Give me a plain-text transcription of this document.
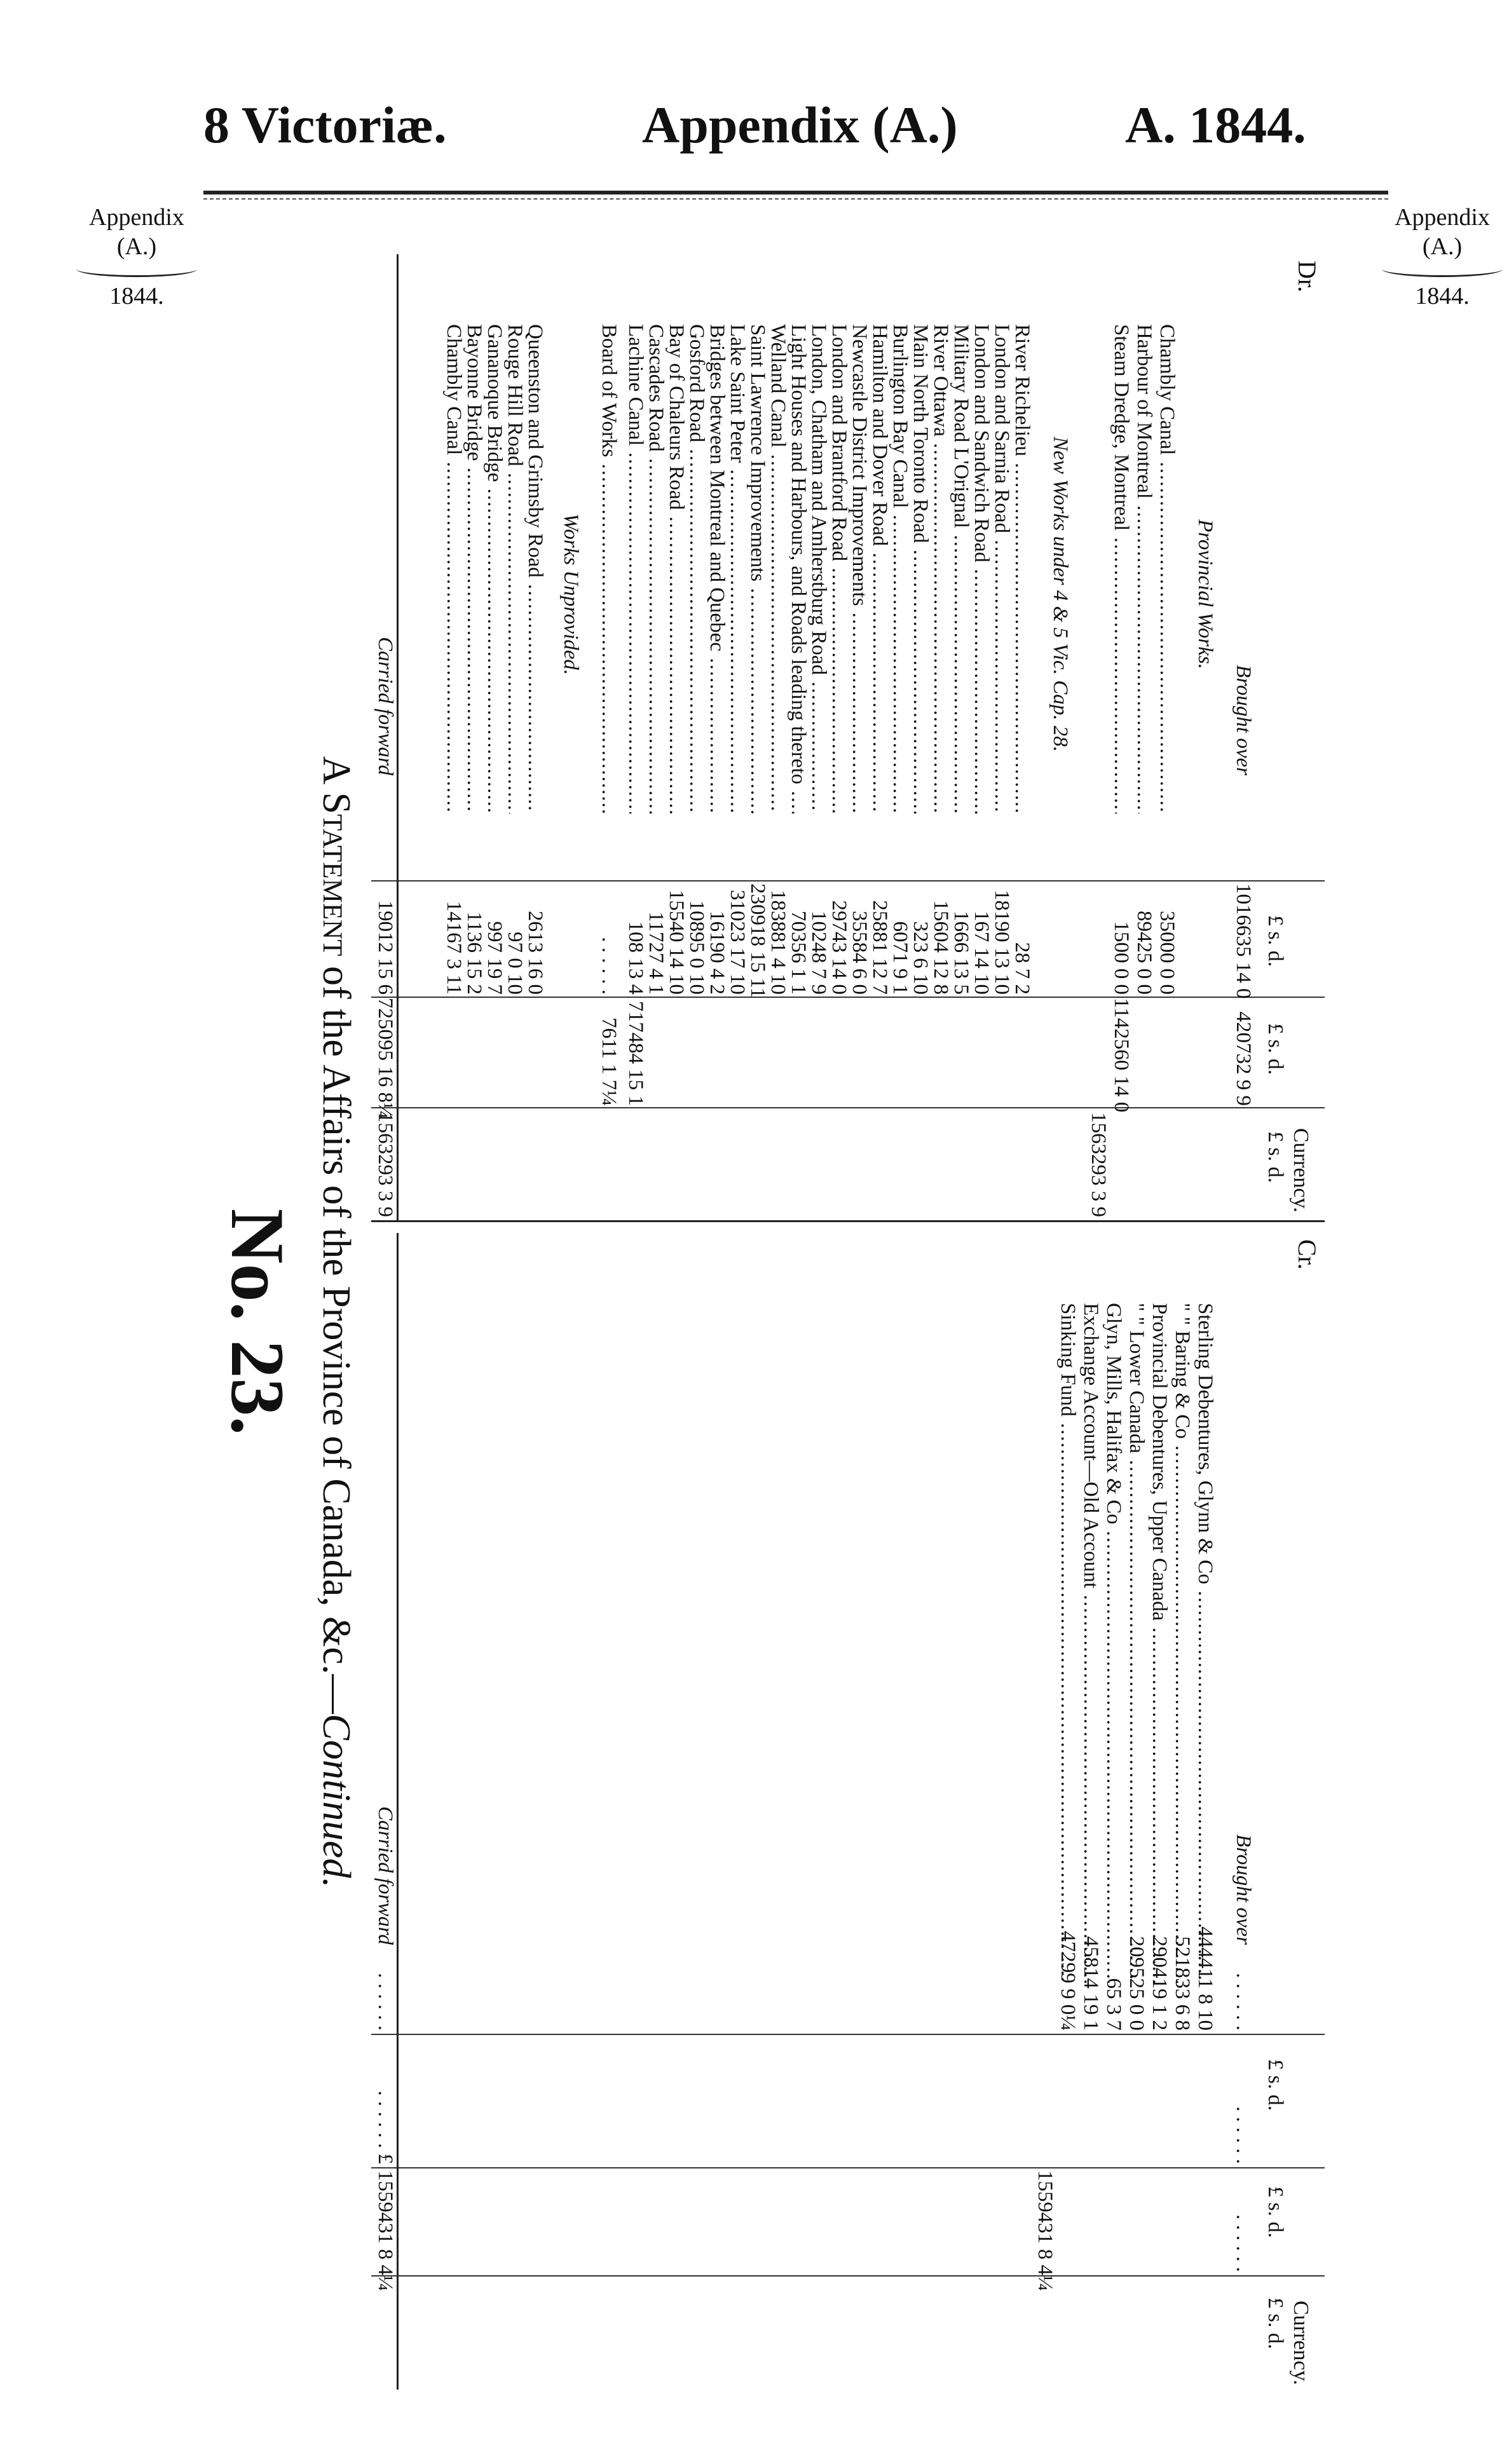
8 Victoriæ.	Appendix (A.)	A. 1844.
Appendix
(A.)
1844.
Appendix
(A.)
1844.
No. 23.
A Statement of the Affairs of the Province of Canada, &c.—Continued.
Dr.
Currency.
£ s. d.
£ s. d.
£ s. d.
Brought over
1016635 14 0
420732 9 9
Provincial Works.
Chambly Canal .....
35000 0 0
Harbour of Montreal .....
89425 0 0
Steam Dredge, Montreal .....
1500 0 0
1142560 14 0
1563293 3 9
New Works under 4 & 5 Vic. Cap. 28.
River Richelieu .....
28 7 2
London and Sarnia Road .....
18190 13 10
London and Sandwich Road .....
167 14 10
Military Road L'Orignal .....
1666 13 5
River Ottawa .....
15604 12 8
Main North Toronto Road .....
323 6 10
Burlington Bay Canal .....
6071 9 1
Hamilton and Dover Road .....
25881 12 7
Newcastle District Improvements .....
35584 6 0
London and Brantford Road .....
29743 14 0
London, Chatham and Amherstburg Road .....
10248 7 9
Light Houses and Harbours, and Roads leading thereto .....
70356 1 1
Welland Canal .....
183881 4 10
Saint Lawrence Improvements .....
230918 15 11
Lake Saint Peter .....
31023 17 10
Bridges between Montreal and Quebec .....
16190 4 2
Gosford Road .....
10895 0 10
Bay of Chaleurs Road .....
15540 14 10
Cascades Road .....
11727 4 1
Lachine Canal .....
108 13 4
717484 15 1
Board of Works .....
. . . . . .
7611 1 7¼
Works Unprovided.
Queenston and Grimsby Road .....
2613 16 0
Rouge Hill Road .....
97 0 10
Gananoque Bridge .....
997 19 7
Bayonne Bridge .....
1136 15 2
Chambly Canal .....
14167 3 11
Carried forward
19012 15 6
725095 16 8¼
1563293 3 9
Cr.
Currency.
£ s. d.
£ s. d.
£ s. d.
Brought over
. . . . . .
. . . . . .
. . . . . .
Sterling Debentures, Glynn & Co .....
444411 8 10
" " Baring & Co .....
521833 6 8
Provincial Debentures, Upper Canada .....
290419 1 2
" " Lower Canada .....
209525 0 0
Glyn, Mills, Halifax & Co .....
65 3 7
Exchange Account—Old Account .....
45814 19 1
Sinking Fund .....
47299 9 0¼
1559431 8 4¼
Carried forward
. . . . . .
. . . . . . £
1559431 8 4¼
